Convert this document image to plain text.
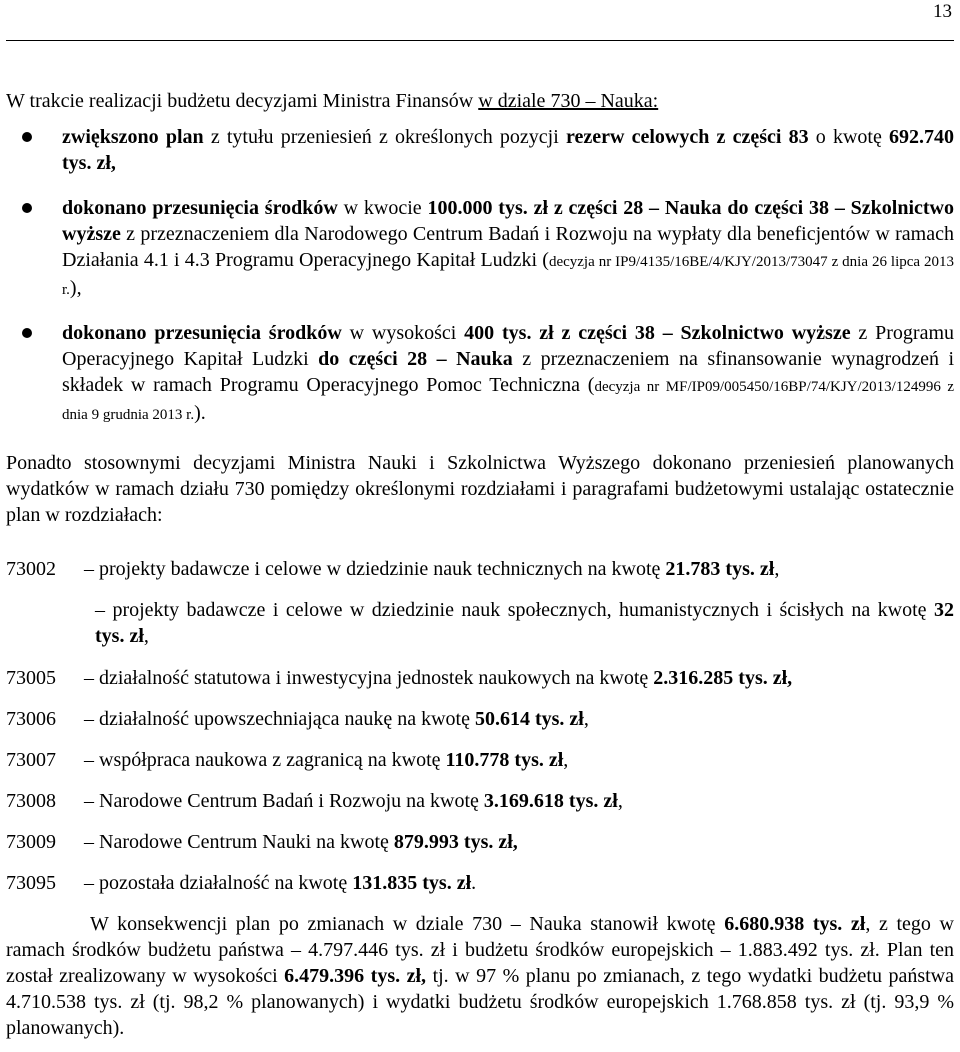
13
W trakcie realizacji budżetu decyzjami Ministra Finansów w dziale 730 – Nauka:
zwiększono plan z tytułu przeniesień z określonych pozycji rezerw celowych z części 83 o kwotę 692.740 tys. zł,
dokonano przesunięcia środków w kwocie 100.000 tys. zł z części 28 – Nauka do części 38 – Szkolnictwo wyższe z przeznaczeniem dla Narodowego Centrum Badań i Rozwoju na wypłaty dla beneficjentów w ramach Działania 4.1 i 4.3 Programu Operacyjnego Kapitał Ludzki (decyzja nr IP9/4135/16BE/4/KJY/2013/73047 z dnia 26 lipca 2013 r.),
dokonano przesunięcia środków w wysokości 400 tys. zł z części 38 – Szkolnictwo wyższe z Programu Operacyjnego Kapitał Ludzki do części 28 – Nauka z przeznaczeniem na sfinansowanie wynagrodzeń i składek w ramach Programu Operacyjnego Pomoc Techniczna (decyzja nr MF/IP09/005450/16BP/74/KJY/2013/124996 z dnia 9 grudnia 2013 r.).
Ponadto stosownymi decyzjami Ministra Nauki i Szkolnictwa Wyższego dokonano przeniesień planowanych wydatków w ramach działu 730 pomiędzy określonymi rozdziałami i paragrafami budżetowymi ustalając ostatecznie plan w rozdziałach:
73002 – projekty badawcze i celowe w dziedzinie nauk technicznych na kwotę 21.783 tys. zł,
– projekty badawcze i celowe w dziedzinie nauk społecznych, humanistycznych i ścisłych na kwotę 32 tys. zł,
73005 – działalność statutowa i inwestycyjna jednostek naukowych na kwotę 2.316.285 tys. zł,
73006 – działalność upowszechniająca naukę na kwotę 50.614 tys. zł,
73007 – współpraca naukowa z zagranicą na kwotę 110.778 tys. zł,
73008 – Narodowe Centrum Badań i Rozwoju na kwotę 3.169.618 tys. zł,
73009 – Narodowe Centrum Nauki na kwotę 879.993 tys. zł,
73095 – pozostała działalność na kwotę 131.835 tys. zł.
W konsekwencji plan po zmianach w dziale 730 – Nauka stanowił kwotę 6.680.938 tys. zł, z tego w ramach środków budżetu państwa – 4.797.446 tys. zł i budżetu środków europejskich – 1.883.492 tys. zł. Plan ten został zrealizowany w wysokości 6.479.396 tys. zł, tj. w 97 % planu po zmianach, z tego wydatki budżetu państwa 4.710.538 tys. zł (tj. 98,2 % planowanych) i wydatki budżetu środków europejskich 1.768.858 tys. zł (tj. 93,9 % planowanych).
